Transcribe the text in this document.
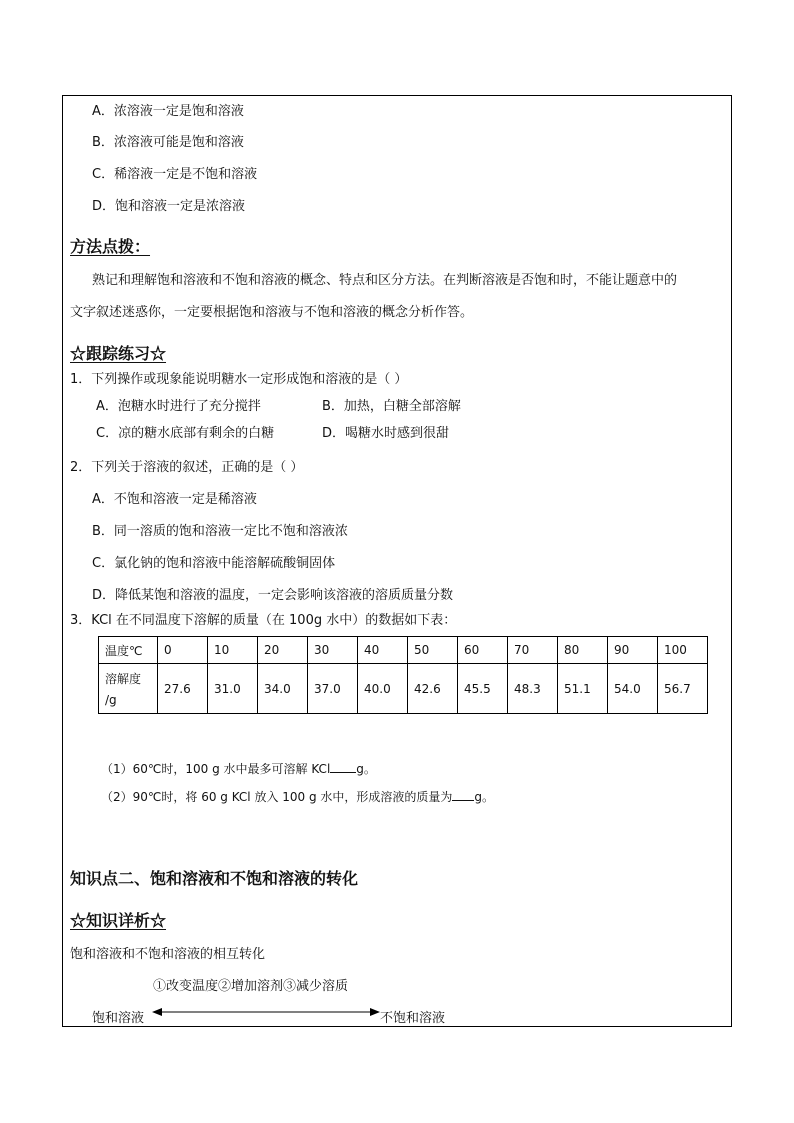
A．浓溶液一定是饱和溶液
B．浓溶液可能是饱和溶液
C．稀溶液一定是不饱和溶液
D．饱和溶液一定是浓溶液
方法点拨：
熟记和理解饱和溶液和不饱和溶液的概念、特点和区分方法。在判断溶液是否饱和时，不能让题意中的
文字叙述迷惑你，一定要根据饱和溶液与不饱和溶液的概念分析作答。
☆跟踪练习☆
1．下列操作或现象能说明糖水一定形成饱和溶液的是（ ）
A．泡糖水时进行了充分搅拌	B．加热，白糖全部溶解
C．凉的糖水底部有剩余的白糖	D．喝糖水时感到很甜
2．下列关于溶液的叙述，正确的是（ ）
A．不饱和溶液一定是稀溶液
B．同一溶质的饱和溶液一定比不饱和溶液浓
C．氯化钠的饱和溶液中能溶解硫酸铜固体
D．降低某饱和溶液的温度，一定会影响该溶液的溶质质量分数
3．KCl 在不同温度下溶解的质量（在 100g 水中）的数据如下表：
温度℃	0	10	20	30	40	50	60	70	80	90	100

溶解度
/g	27.6	31.0	34.0	37.0	40.0	42.6	45.5	48.3	51.1	54.0	56.7
（1）60℃时，100 g 水中最多可溶解 KCl g。
（2）90℃时，将 60 g KCl 放入 100 g 水中，形成溶液的质量为 g。
知识点二、饱和溶液和不饱和溶液的转化
☆知识详析☆
饱和溶液和不饱和溶液的相互转化
①改变温度②增加溶剂③减少溶质
饱和溶液	不饱和溶液
